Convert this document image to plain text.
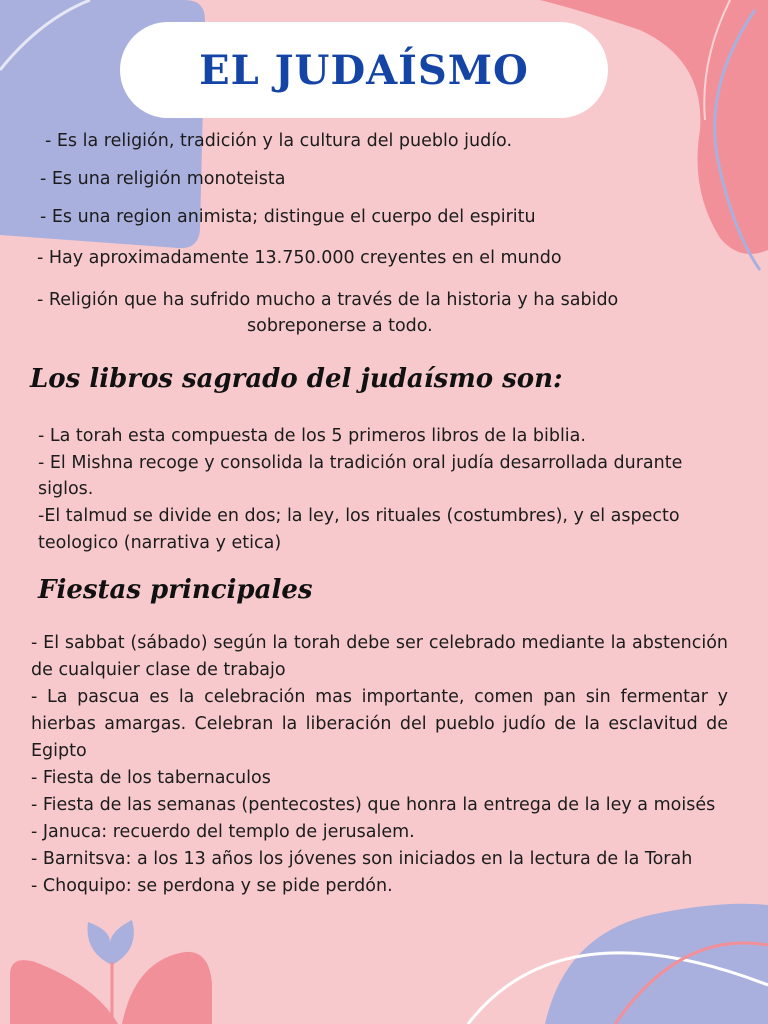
EL JUDAÍSMO

- Es la religión, tradición y la cultura del pueblo judío.

- Es una religión monoteista

- Es una region animista; distingue el cuerpo del espiritu

- Hay aproximadamente 13.750.000 creyentes en el mundo

- Religión que ha sufrido mucho a través de la historia y ha sabido

sobreponerse a todo.

Los libros sagrado del judaísmo son:

- La torah esta compuesta de los 5 primeros libros de la biblia.

- El Mishna recoge y consolida la tradición oral judía desarrollada durante siglos.

-El talmud se divide en dos; la ley, los rituales (costumbres), y el aspecto teologico (narrativa y etica)

Fiestas principales

- El sabbat (sábado) según la torah debe ser celebrado mediante la abstención de cualquier clase de trabajo

- La pascua es la celebración mas importante, comen pan sin fermentar y hierbas amargas. Celebran la liberación del pueblo judío de la esclavitud de Egipto

- Fiesta de los tabernaculos

- Fiesta de las semanas (pentecostes) que honra la entrega de la ley a moisés

- Janucа: recuerdo del templo de jerusalem.

- Barnitsva: a los 13 años los jóvenes son iniciados en la lectura de la Torah

- Choquipo: se perdona y se pide perdón.
